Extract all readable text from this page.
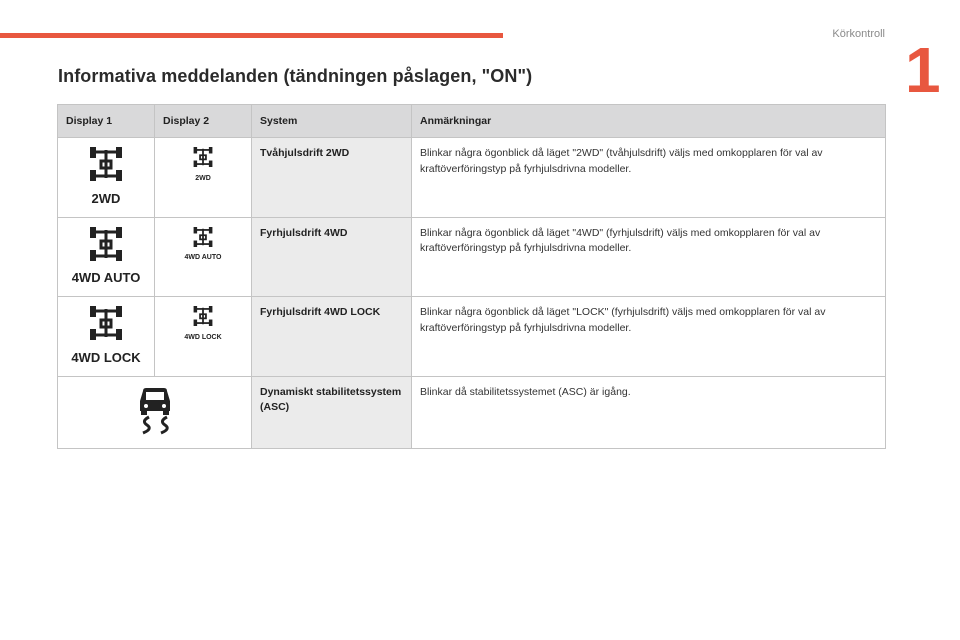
Körkontroll 1
Informativa meddelanden (tändningen påslagen, "ON")
Display 1	Display 2	System	Anmärkningar

2WD	2WD	Tvåhjulsdrift 2WD	Blinkar några ögonblick då läget "2WD" (tvåhjulsdrift) väljs med omkopplaren för val av kraftöverföringstyp på fyrhjulsdrivna modeller.

4WD AUTO	4WD AUTO	Fyrhjulsdrift 4WD	Blinkar några ögonblick då läget "4WD" (fyrhjulsdrift) väljs med omkopplaren för val av kraftöverföringstyp på fyrhjulsdrivna modeller.

4WD LOCK	4WD LOCK	Fyrhjulsdrift 4WD LOCK	Blinkar några ögonblick då läget "LOCK" (fyrhjulsdrift) väljs med omkopplaren för val av kraftöverföringstyp på fyrhjulsdrivna modeller.
	Dynamiskt stabilitetssystem (ASC)	Blinkar då stabilitetssystemet (ASC) är igång.
